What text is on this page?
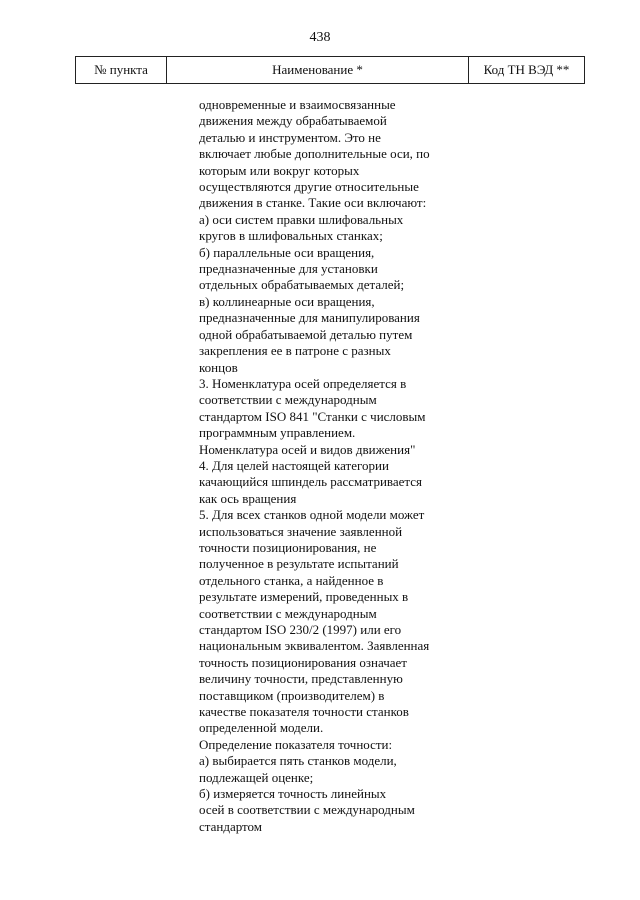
438
№ пункта	Наименование *	Код ТН ВЭД **
одновременные и взаимосвязанные
движения между обрабатываемой
деталью и инструментом. Это не
включает любые дополнительные оси, по
которым или вокруг которых
осуществляются другие относительные
движения в станке. Такие оси включают:
а) оси систем правки шлифовальных
кругов в шлифовальных станках;
б) параллельные оси вращения,
предназначенные для установки
отдельных обрабатываемых деталей;
в) коллинеарные оси вращения,
предназначенные для манипулирования
одной обрабатываемой деталью путем
закрепления ее в патроне с разных
концов
3. Номенклатура осей определяется в
соответствии с международным
стандартом ISO 841 "Станки с числовым
программным управлением.
Номенклатура осей и видов движения"
4. Для целей настоящей категории
качающийся шпиндель рассматривается
как ось вращения
5. Для всех станков одной модели может
использоваться значение заявленной
точности позиционирования, не
полученное в результате испытаний
отдельного станка, а найденное в
результате измерений, проведенных в
соответствии с международным
стандартом ISO 230/2 (1997) или его
национальным эквивалентом. Заявленная
точность позиционирования означает
величину точности, представленную
поставщиком (производителем) в
качестве показателя точности станков
определенной модели.
Определение показателя точности:
а) выбирается пять станков модели,
подлежащей оценке;
б) измеряется точность линейных
осей в соответствии с международным
стандартом
